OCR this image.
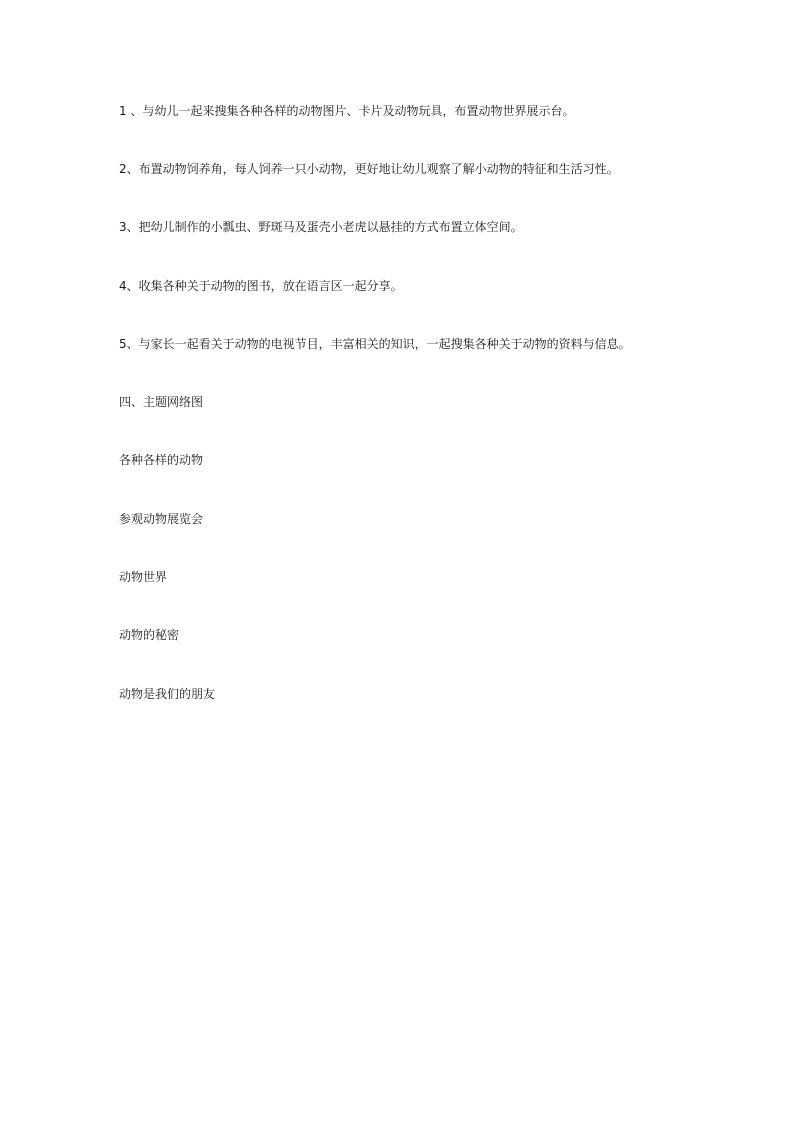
1 、与幼儿一起来搜集各种各样的动物图片、卡片及动物玩具，布置动物世界展示台。
2、布置动物饲养角，每人饲养一只小动物，更好地让幼儿观察了解小动物的特征和生活习性。
3、把幼儿制作的小瓢虫、野斑马及蛋壳小老虎以悬挂的方式布置立体空间。
4、收集各种关于动物的图书，放在语言区一起分享。
5、与家长一起看关于动物的电视节目，丰富相关的知识，一起搜集各种关于动物的资料与信息。
四、主题网络图
各种各样的动物
参观动物展览会
动物世界
动物的秘密
动物是我们的朋友
